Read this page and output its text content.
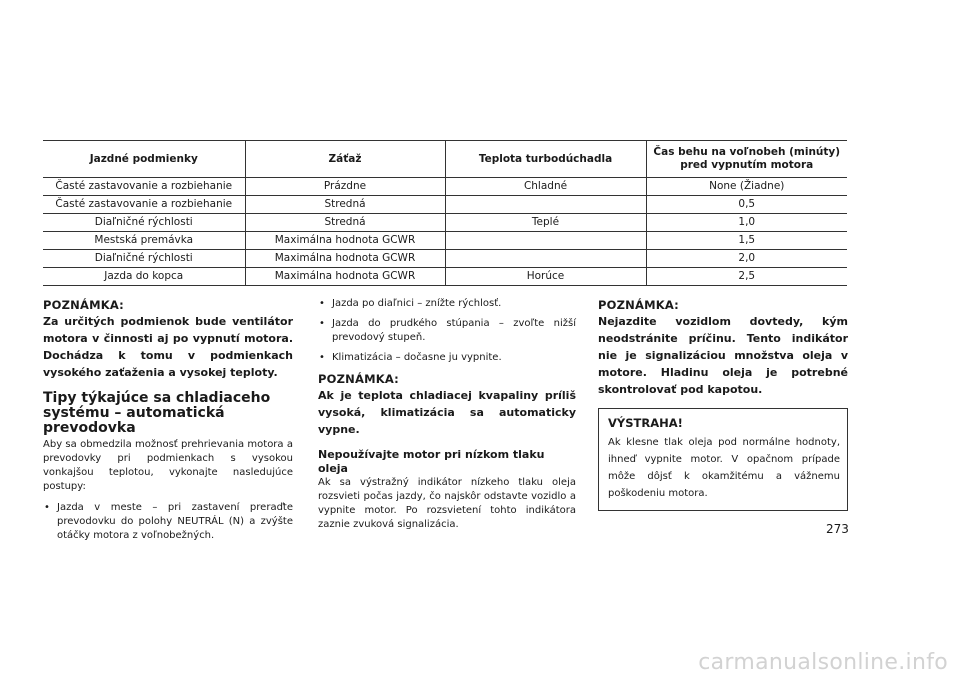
Jazdné podmienky	Záťaž	Teplota turbodúchadla	Čas behu na voľnobeh (minúty) pred vypnutím motora
Časté zastavovanie a rozbiehanie	Prázdne	Chladné	None (Žiadne)
Časté zastavovanie a rozbiehanie	Stredná		0,5
Diaľničné rýchlosti	Stredná	Teplé	1,0
Mestská premávka	Maximálna hodnota GCWR		1,5
Diaľničné rýchlosti	Maximálna hodnota GCWR		2,0
Jazda do kopca	Maximálna hodnota GCWR	Horúce	2,5

POZNÁMKA:

Za určitých podmienok bude ventilátor motora v činnosti aj po vypnutí motora. Dochádza k tomu v podmienkach vysokého zaťaženia a vysokej teploty.

Tipy týkajúce sa chladiaceho systému – automatická prevodovka

Aby sa obmedzila možnosť prehrievania motora a prevodovky pri podmienkach s vysokou vonkajšou teplotou, vykonajte nasledujúce postupy:

• Jazda v meste – pri zastavení preraďte prevodovku do polohy NEUTRÁL (N) a zvýšte otáčky motora z voľnobežných.
• Jazda po diaľnici – znížte rýchlosť.
• Jazda do prudkého stúpania – zvoľte nižší prevodový stupeň.
• Klimatizácia – dočasne ju vypnite.

POZNÁMKA:

Ak je teplota chladiacej kvapaliny príliš vysoká, klimatizácia sa automaticky vypne.

Nepoužívajte motor pri nízkom tlaku oleja

Ak sa výstražný indikátor nízkeho tlaku oleja rozsvieti počas jazdy, čo najskôr odstavte vozidlo a vypnite motor. Po rozsvietení tohto indikátora zaznie zvuková signalizácia.

POZNÁMKA:

Nejazdite vozidlom dovtedy, kým neodstránite príčinu. Tento indikátor nie je signalizáciou množstva oleja v motore. Hladinu oleja je potrebné skontrolovať pod kapotou.

VÝSTRAHA!

Ak klesne tlak oleja pod normálne hodnoty, ihneď vypnite motor. V opačnom prípade môže dôjsť k okamžitému a vážnemu poškodeniu motora.

273
carmanualsonline.info
